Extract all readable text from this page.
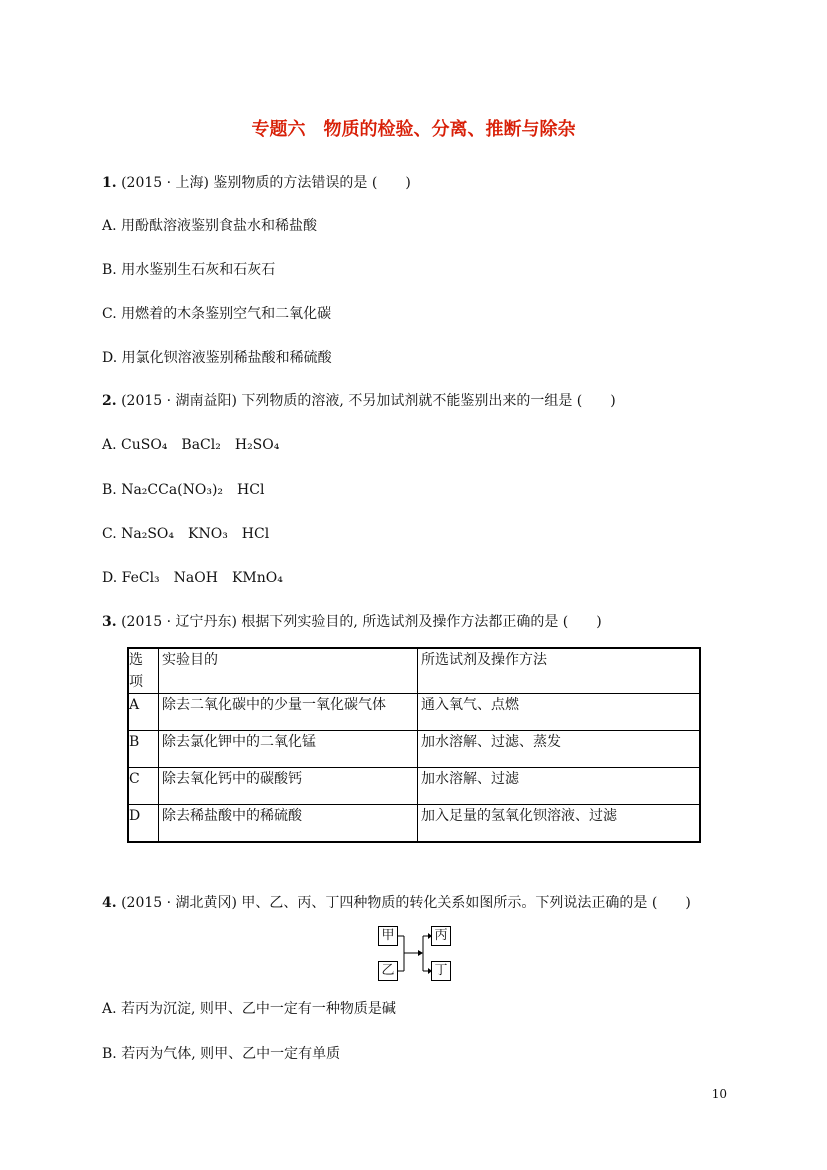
专题六　物质的检验、分离、推断与除杂
1. (2015 · 上海) 鉴别物质的方法错误的是 (　　)
A. 用酚酞溶液鉴别食盐水和稀盐酸
B. 用水鉴别生石灰和石灰石
C. 用燃着的木条鉴别空气和二氧化碳
D. 用氯化钡溶液鉴别稀盐酸和稀硫酸
2. (2015 · 湖南益阳) 下列物质的溶液, 不另加试剂就不能鉴别出来的一组是 (　　)
A. CuSO₄　BaCl₂　H₂SO₄
B. Na₂CCa(NO₃)₂　HCl
C. Na₂SO₄　KNO₃　HCl
D. FeCl₃　NaOH　KMnO₄
3. (2015 · 辽宁丹东) 根据下列实验目的, 所选试剂及操作方法都正确的是 (　　)
选项	实验目的	所选试剂及操作方法
A	除去二氧化碳中的少量一氧化碳气体	通入氧气、点燃
B	除去氯化钾中的二氧化锰	加水溶解、过滤、蒸发
C	除去氧化钙中的碳酸钙	加水溶解、过滤
D	除去稀盐酸中的稀硫酸	加入足量的氢氧化钡溶液、过滤
4. (2015 · 湖北黄冈) 甲、乙、丙、丁四种物质的转化关系如图所示。下列说法正确的是 (　　)
甲
乙
丙
丁
A. 若丙为沉淀, 则甲、乙中一定有一种物质是碱
B. 若丙为气体, 则甲、乙中一定有单质
10
